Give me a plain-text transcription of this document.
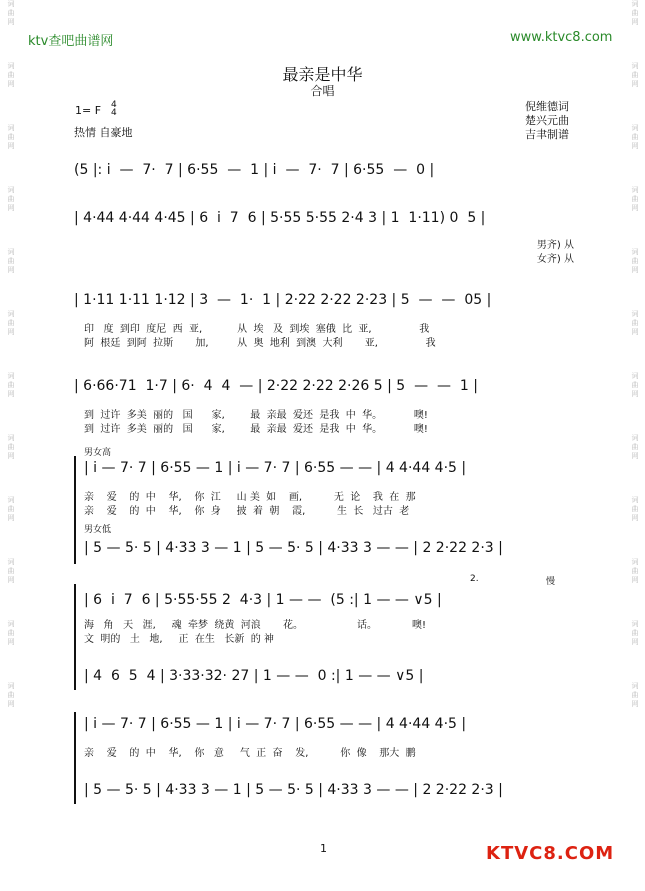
ktv查吧曲谱网	www.ktvc8.com
词
曲
网
词
曲
网
词
曲
网
词
曲
网
词
曲
网
词
曲
网
词
曲
网
词
曲
网
词
曲
网
词
曲
网
词
曲
网
词
曲
网
词
曲
网
词
曲
网
词
曲
网
词
曲
网
词
曲
网
词
曲
网
词
曲
网
词
曲
网
词
曲
网
词
曲
网
词
曲
网
词
曲
网
最亲是中华
合唱
1= F 4
4
热情 自豪地
倪维德词
楚兴元曲
吉聿制谱
(5 |: i  —  7·  7 | 6·55  —  1 | i  —  7·  7 | 6·55  —  0 |
| 4·44 4·44 4·45 | 6  i  7  6 | 5·55 5·55 2·4 3 | 1  1·11) 0  5 |
男齐) 从
女齐) 从
| 1·11 1·11 1·12 | 3  —  1·  1 | 2·22 2·22 2·23 | 5  —  —  05 |
印   度  到印  度尼  西  亚,           从  埃   及  到埃  塞俄  比  亚,               我
阿  根廷  到阿  拉斯       加,         从  奥  地利  到澳  大利       亚,               我
| 6·66·71  1·7 | 6·  4  4  — | 2·22 2·22 2·26 5 | 5  —  —  1 |
到  过许  多美  丽的   国      家,        最  亲最  爱还  是我  中  华。          噢!
到  过许  多美  丽的   国      家,        最  亲最  爱还  是我  中  华。          噢!
男女高
| i — 7· 7 | 6·55 — 1 | i — 7· 7 | 6·55 — — | 4 4·44 4·5 |
亲    爱    的  中    华,    你  江     山 美  如    画,          无  论    我  在  那
亲    爱    的  中    华,    你  身     披  着  朝    霞,          生  长   过古  老
男女低
| 5 — 5· 5 | 4·33 3 — 1 | 5 — 5· 5 | 4·33 3 — — | 2 2·22 2·3 |
2.	慢
| 6  i  7  6 | 5·55·55 2  4·3 | 1 — —  (5 :| 1 — — ∨5 |
海   角   天   涯,     魂  牵梦  绕黄  河浪       花。                 话。           噢!
文  明的   土   地,     正  在生   长新  的 神
| 4  6  5  4 | 3·33·32· 27 | 1 — —  0 :| 1 — — ∨5 |
| i — 7· 7 | 6·55 — 1 | i — 7· 7 | 6·55 — — | 4 4·44 4·5 |
亲    爱    的  中    华,    你   意     气  正  奋    发,          你  像    那大  鹏
| 5 — 5· 5 | 4·33 3 — 1 | 5 — 5· 5 | 4·33 3 — — | 2 2·22 2·3 |
1	KTVC8.COM
